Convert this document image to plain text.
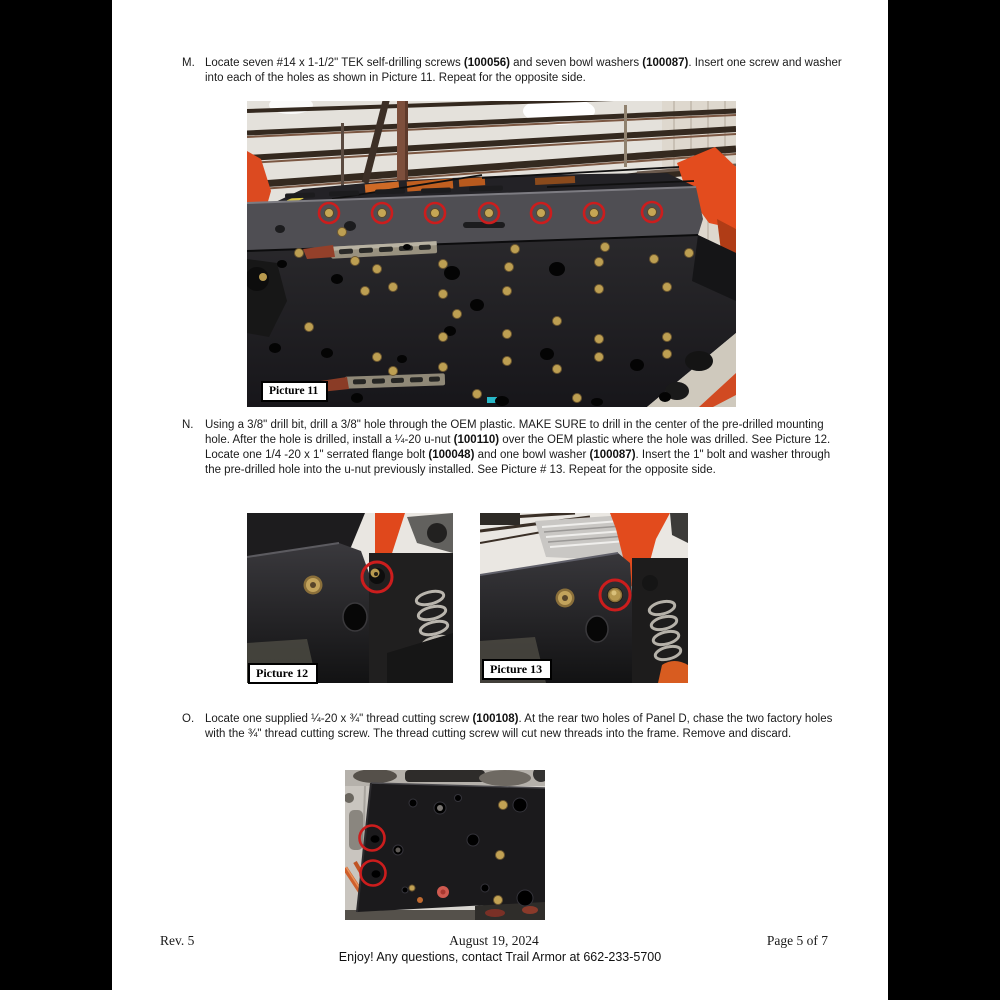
M. Locate seven #14 x 1-1/2" TEK self-drilling screws (100056) and seven bowl washers (100087). Insert one screw and washer into each of the holes as shown in Picture 11. Repeat for the opposite side.
Picture 11
N. Using a 3/8" drill bit, drill a 3/8" hole through the OEM plastic. MAKE SURE to drill in the center of the pre-drilled mounting hole. After the hole is drilled, install a ¼-20 u-nut (100110) over the OEM plastic where the hole was drilled. See Picture 12. Locate one 1/4 -20 x 1" serrated flange bolt (100048) and one bowl washer (100087). Insert the 1" bolt and washer through the pre-drilled hole into the u-nut previously installed. See Picture # 13. Repeat for the opposite side.
Picture 12	Picture 13
O. Locate one supplied ¼-20 x ¾" thread cutting screw (100108). At the rear two holes of Panel D, chase the two factory holes with the ¾" thread cutting screw. The thread cutting screw will cut new threads into the frame. Remove and discard.
Rev. 5	August 19, 2024	Page 5 of 7
Enjoy! Any questions, contact Trail Armor at 662-233-5700
